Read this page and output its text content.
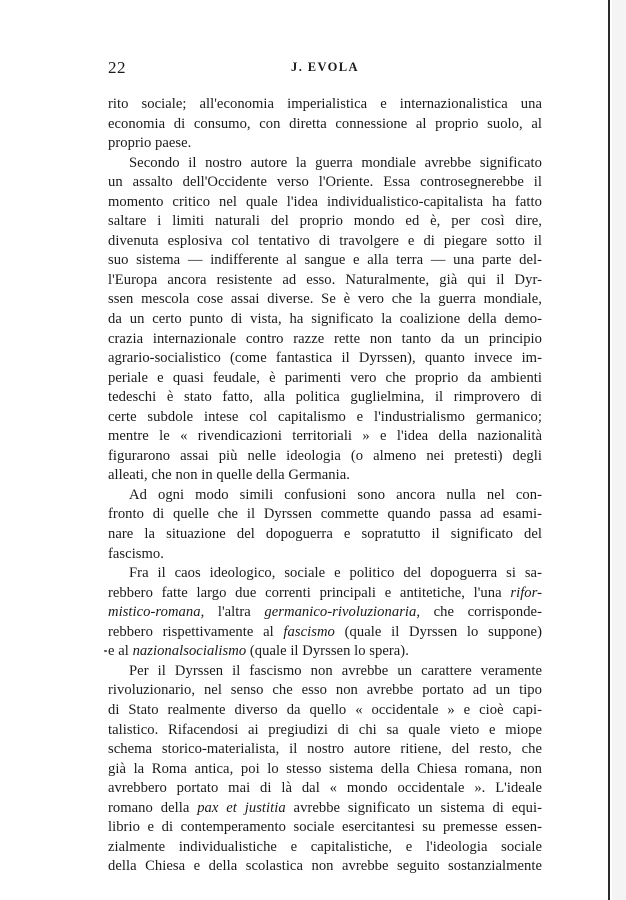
22	J. EVOLA
rito sociale; all'economia imperialistica e internazionalistica una
economia di consumo, con diretta connessione al proprio suolo, al
proprio paese.
Secondo il nostro autore la guerra mondiale avrebbe significato
un assalto dell'Occidente verso l'Oriente. Essa controsegnerebbe il
momento critico nel quale l'idea individualistico-capitalista ha fatto
saltare i limiti naturali del proprio mondo ed è, per così dire,
divenuta esplosiva col tentativo di travolgere e di piegare sotto il
suo sistema — indifferente al sangue e alla terra — una parte del-
l'Europa ancora resistente ad esso. Naturalmente, già qui il Dyr-
ssen mescola cose assai diverse. Se è vero che la guerra mondiale,
da un certo punto di vista, ha significato la coalizione della demo-
crazia internazionale contro razze rette non tanto da un principio
agrario-socialistico (come fantastica il Dyrssen), quanto invece im-
periale e quasi feudale, è parimenti vero che proprio da ambienti
tedeschi è stato fatto, alla politica guglielmina, il rimprovero di
certe subdole intese col capitalismo e l'industrialismo germanico;
mentre le « rivendicazioni territoriali » e l'idea della nazionalità
figurarono assai più nelle ideologia (o almeno nei pretesti) degli
alleati, che non in quelle della Germania.
Ad ogni modo simili confusioni sono ancora nulla nel con-
fronto di quelle che il Dyrssen commette quando passa ad esami-
nare la situazione del dopoguerra e sopratutto il significato del
fascismo.
Fra il caos ideologico, sociale e politico del dopoguerra si sa-
rebbero fatte largo due correnti principali e antitetiche, l'una rifor-
mistico-romana, l'altra germanico-rivoluzionaria, che corrisponde-
rebbero rispettivamente al fascismo (quale il Dyrssen lo suppone)
e al nazionalsocialismo (quale il Dyrssen lo spera).
Per il Dyrssen il fascismo non avrebbe un carattere veramente
rivoluzionario, nel senso che esso non avrebbe portato ad un tipo
di Stato realmente diverso da quello « occidentale » e cioè capi-
talistico. Rifacendosi ai pregiudizi di chi sa quale vieto e miope
schema storico-materialista, il nostro autore ritiene, del resto, che
già la Roma antica, poi lo stesso sistema della Chiesa romana, non
avrebbero portato mai di là dal « mondo occidentale ». L'ideale
romano della pax et justitia avrebbe significato un sistema di equi-
librio e di contemperamento sociale esercitantesi su premesse essen-
zialmente individualistiche e capitalistiche, e l'ideologia sociale
della Chiesa e della scolastica non avrebbe seguito sostanzialmente
